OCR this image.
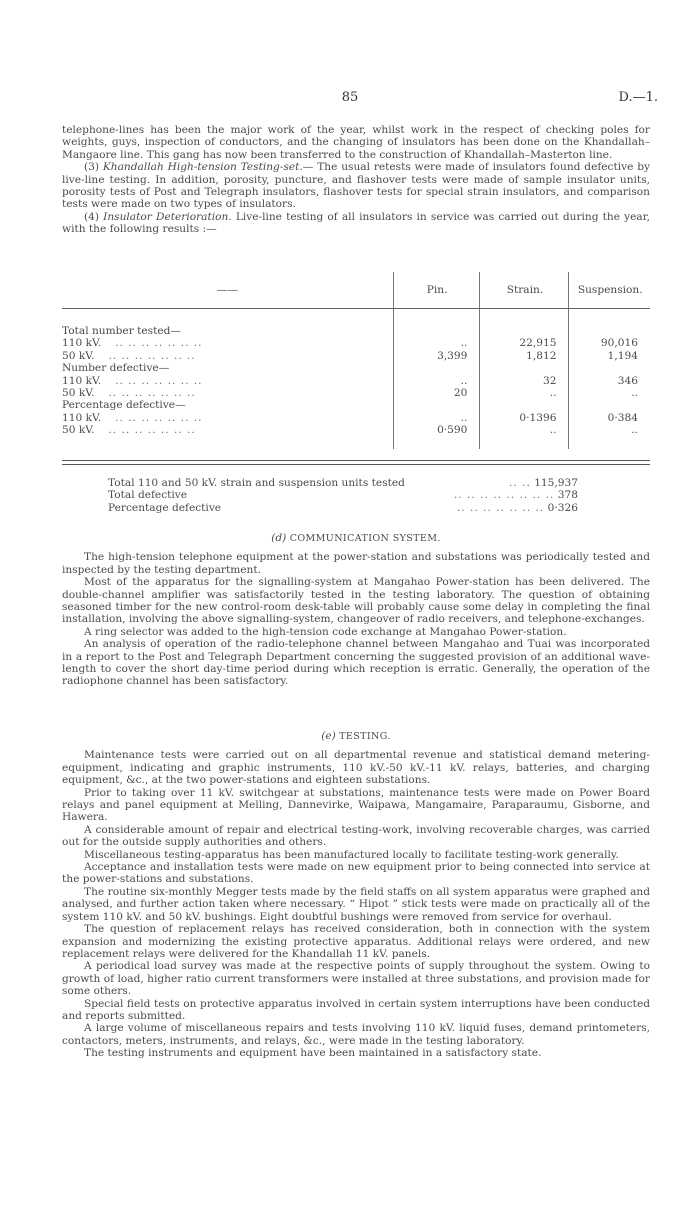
85	D.—1.

telephone-lines has been the major work of the year, whilst work in the respect of checking poles for weights, guys, inspection of conductors, and the changing of insulators has been done on the Khandallah–Mangaore line. This gang has now been transferred to the construction of Khandallah–Masterton line.

(3) Khandallah High-tension Testing-set.— The usual retests were made of insulators found defective by live-line testing. In addition, porosity, puncture, and flashover tests were made of sample insulator units, porosity tests of Post and Telegraph insulators, flashover tests for special strain insulators, and comparison tests were made on two types of insulators.

(4) Insulator Deterioration. Live-line testing of all insulators in service was carried out during the year, with the following results :—

——	Pin.	Strain.	Suspension.

Total number tested—			
110 kV. .. .. .. .. .. .. ..	..	22,915	90,016
50 kV. .. .. .. .. .. .. ..	3,399	1,812	1,194
Number defective—			
110 kV. .. .. .. .. .. .. ..	..	32	346
50 kV. .. .. .. .. .. .. ..	20	..	..
Percentage defective—			
110 kV. .. .. .. .. .. .. ..	..	0·1396	0·384
50 kV. .. .. .. .. .. .. ..	0·590	..	..

Total 110 and 50 kV. strain and suspension units tested	.. .. 115,937
Total defective	.. .. .. .. .. .. .. .. 378
Percentage defective	.. .. .. .. .. .. .. 0·326

(d) COMMUNICATION SYSTEM.

The high-tension telephone equipment at the power-station and substations was periodically tested and inspected by the testing department.

Most of the apparatus for the signalling-system at Mangahao Power-station has been delivered. The double-channel amplifier was satisfactorily tested in the testing laboratory. The question of obtaining seasoned timber for the new control-room desk-table will probably cause some delay in completing the final installation, involving the above signalling-system, changeover of radio receivers, and telephone-exchanges.

A ring selector was added to the high-tension code exchange at Mangahao Power-station.

An analysis of operation of the radio-telephone channel between Mangahao and Tuai was incorporated in a report to the Post and Telegraph Department concerning the suggested provision of an additional wave-length to cover the short day-time period during which reception is erratic. Generally, the operation of the radiophone channel has been satisfactory.

(e) TESTING.

Maintenance tests were carried out on all departmental revenue and statistical demand metering-equipment, indicating and graphic instruments, 110 kV.-50 kV.-11 kV. relays, batteries, and charging equipment, &c., at the two power-stations and eighteen substations.

Prior to taking over 11 kV. switchgear at substations, maintenance tests were made on Power Board relays and panel equipment at Melling, Dannevirke, Waipawa, Mangamaire, Paraparaumu, Gisborne, and Hawera.

A considerable amount of repair and electrical testing-work, involving recoverable charges, was carried out for the outside supply authorities and others.

Miscellaneous testing-apparatus has been manufactured locally to facilitate testing-work generally.

Acceptance and installation tests were made on new equipment prior to being connected into service at the power-stations and substations.

The routine six-monthly Megger tests made by the field staffs on all system apparatus were graphed and analysed, and further action taken where necessary. “ Hipot ” stick tests were made on practically all of the system 110 kV. and 50 kV. bushings. Eight doubtful bushings were removed from service for overhaul.

The question of replacement relays has received consideration, both in connection with the system expansion and modernizing the existing protective apparatus. Additional relays were ordered, and new replacement relays were delivered for the Khandallah 11 kV. panels.

A periodical load survey was made at the respective points of supply throughout the system. Owing to growth of load, higher ratio current transformers were installed at three substations, and provision made for some others.

Special field tests on protective apparatus involved in certain system interruptions have been conducted and reports submitted.

A large volume of miscellaneous repairs and tests involving 110 kV. liquid fuses, demand printometers, contactors, meters, instruments, and relays, &c., were made in the testing laboratory.

The testing instruments and equipment have been maintained in a satisfactory state.
